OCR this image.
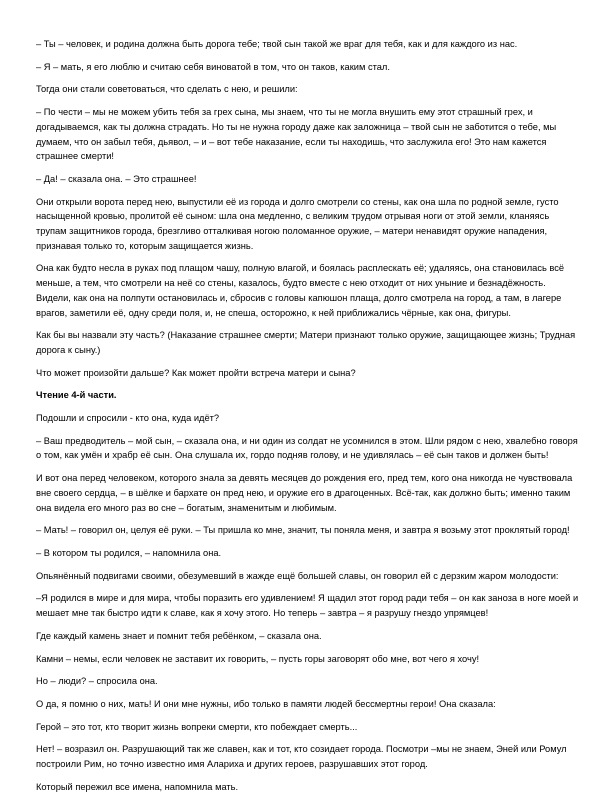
– Ты – человек, и родина должна быть дорога тебе; твой сын такой же враг для тебя, как и для каждого из нас.

– Я – мать, я его люблю и считаю себя виноватой в том, что он таков, каким стал.

Тогда они стали советоваться, что сделать с нею, и решили:

– По чести – мы не можем убить тебя за грех сына, мы знаем, что ты не могла внушить ему этот страшный грех, и догадываемся, как ты должна страдать. Но ты не нужна городу даже как заложница – твой сын не заботится о тебе, мы думаем, что он забыл тебя, дьявол, – и – вот тебе наказание, если ты находишь, что заслужила его! Это нам кажется страшнее смерти!

– Да! – сказала она. – Это страшнее!

Они открыли ворота перед нею, выпустили её из города и долго смотрели со стены, как она шла по родной земле, густо насыщенной кровью, пролитой её сыном: шла она медленно, с великим трудом отрывая ноги от этой земли, кланяясь трупам защитников города, брезгливо отталкивая ногою поломанное оружие, – матери ненавидят оружие нападения, признавая только то, которым защищается жизнь.

Она как будто несла в руках под плащом чашу, полную влагой, и боялась расплескать её; удаляясь, она становилась всё меньше, а тем, что смотрели на неё со стены, казалось, будто вместе с нею отходит от них уныние и безнадёжность. Видели, как она на полпути остановилась и, сбросив с головы капюшон плаща, долго смотрела на город, а там, в лагере врагов, заметили её, одну среди поля, и, не спеша, осторожно, к ней приближались чёрные, как она, фигуры.

Как бы вы назвали эту часть? (Наказание страшнее смерти; Матери признают только оружие, защищающее жизнь; Трудная дорога к сыну.)

Что может произойти дальше? Как может пройти встреча матери и сына?

Чтение 4-й части.

Подошли и спросили - кто она, куда идёт?

– Ваш предводитель – мой сын, – сказала она, и ни один из солдат не усомнился в этом. Шли рядом с нею, хвалебно говоря о том, как умён и храбр её сын. Она слушала их, гордо подняв голову, и не удивлялась – её сын таков и должен быть!

И вот она перед человеком, которого знала за девять месяцев до рождения его, пред тем, кого она никогда не чувствовала вне своего сердца, – в шёлке и бархате он пред нею, и оружие его в драгоценных. Всё-так, как должно быть; именно таким она видела его много раз во сне – богатым, знаменитым и любимым.

– Мать! – говорил он, целуя её руки. – Ты пришла ко мне, значит, ты поняла меня, и завтра я возьму этот проклятый город!

– В котором ты родился, – напомнила она.

Опьянённый подвигами своими, обезумевший в жажде ещё большей славы, он говорил ей с дерзким жаром молодости:

–Я родился в мире и для мира, чтобы поразить его удивлением! Я щадил этот город ради тебя – он как заноза в ноге моей и мешает мне так быстро идти к славе, как я хочу этого. Но теперь – завтра – я разрушу гнездо упрямцев!

Где каждый камень знает и помнит тебя ребёнком, – сказала она.

Камни – немы, если человек не заставит их говорить, – пусть горы заговорят обо мне, вот чего я хочу!

Но – люди? – спросила она.

О да, я помню о них, мать! И они мне нужны, ибо только в памяти людей бессмертны герои! Она сказала:

Герой – это тот, кто творит жизнь вопреки смерти, кто побеждает смерть...

Нет! – возразил он. Разрушающий так же славен, как и тот, кто созидает города. Посмотри –мы не знаем, Эней или Ромул построили Рим, но точно известно имя Алариха и других героев, разрушавших этот город.

Который пережил все имена, напомнила мать.
